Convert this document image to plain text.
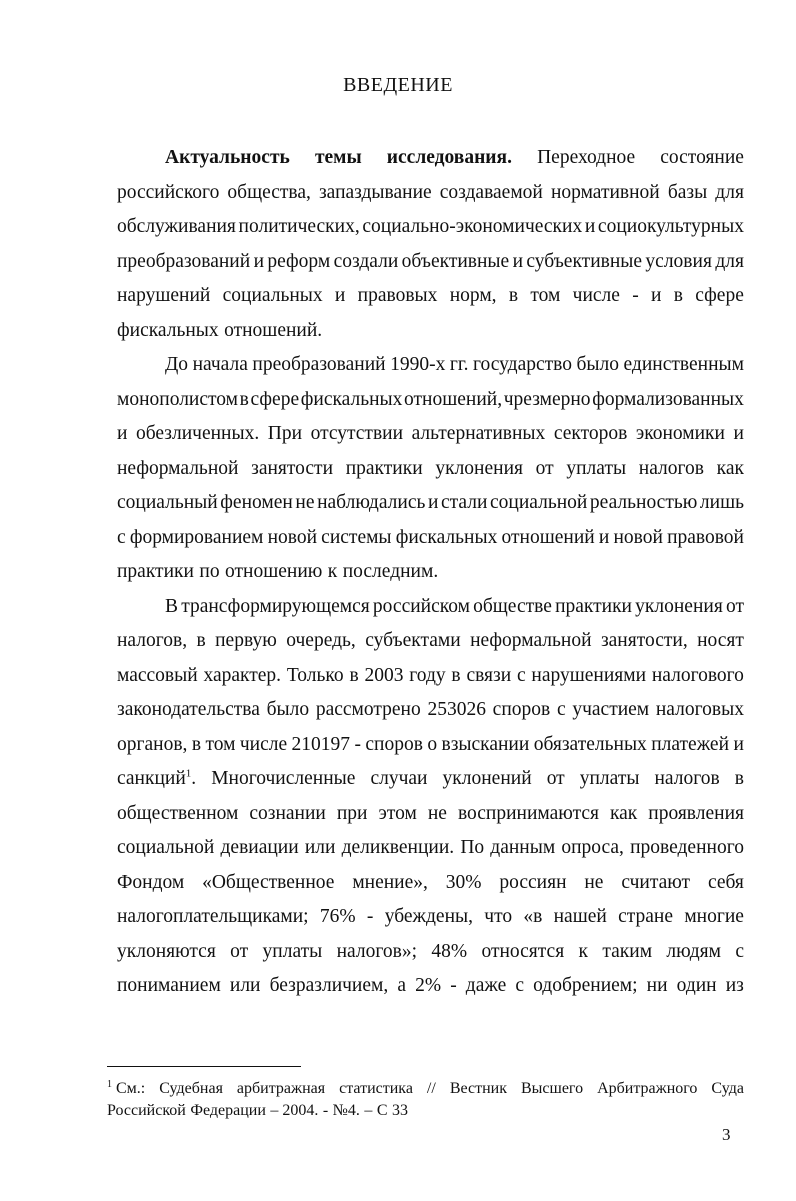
ВВЕДЕНИЕ
Актуальность темы исследования. Переходное состояние
российского общества, запаздывание создаваемой нормативной базы для
обслуживания политических, социально-экономических и социокультурных
преобразований и реформ создали объективные и субъективные условия для
нарушений социальных и правовых норм, в том числе - и в сфере
фискальных отношений.
До начала преобразований 1990-х гг. государство было единственным
монополистом в сфере фискальных отношений, чрезмерно формализованных
и обезличенных. При отсутствии альтернативных секторов экономики и
неформальной занятости практики уклонения от уплаты налогов как
социальный феномен не наблюдались и стали социальной реальностью лишь
с формированием новой системы фискальных отношений и новой правовой
практики по отношению к последним.
В трансформирующемся российском обществе практики уклонения от
налогов, в первую очередь, субъектами неформальной занятости, носят
массовый характер. Только в 2003 году в связи с нарушениями налогового
законодательства было рассмотрено 253026 споров с участием налоговых
органов, в том числе 210197 - споров о взыскании обязательных платежей и
санкций$^1$. Многочисленные случаи уклонений от уплаты налогов в
общественном сознании при этом не воспринимаются как проявления
социальной девиации или деликвенции. По данным опроса, проведенного
Фондом «Общественное мнение», 30% россиян не считают себя
налогоплательщиками; 76% - убеждены, что «в нашей стране многие
уклоняются от уплаты налогов»; 48% относятся к таким людям с
пониманием или безразличием, а 2% - даже с одобрением; ни один из
$^1$ См.: Судебная арбитражная статистика // Вестник Высшего Арбитражного Суда
Российской Федерации – 2004. - №4. – С 33
3
